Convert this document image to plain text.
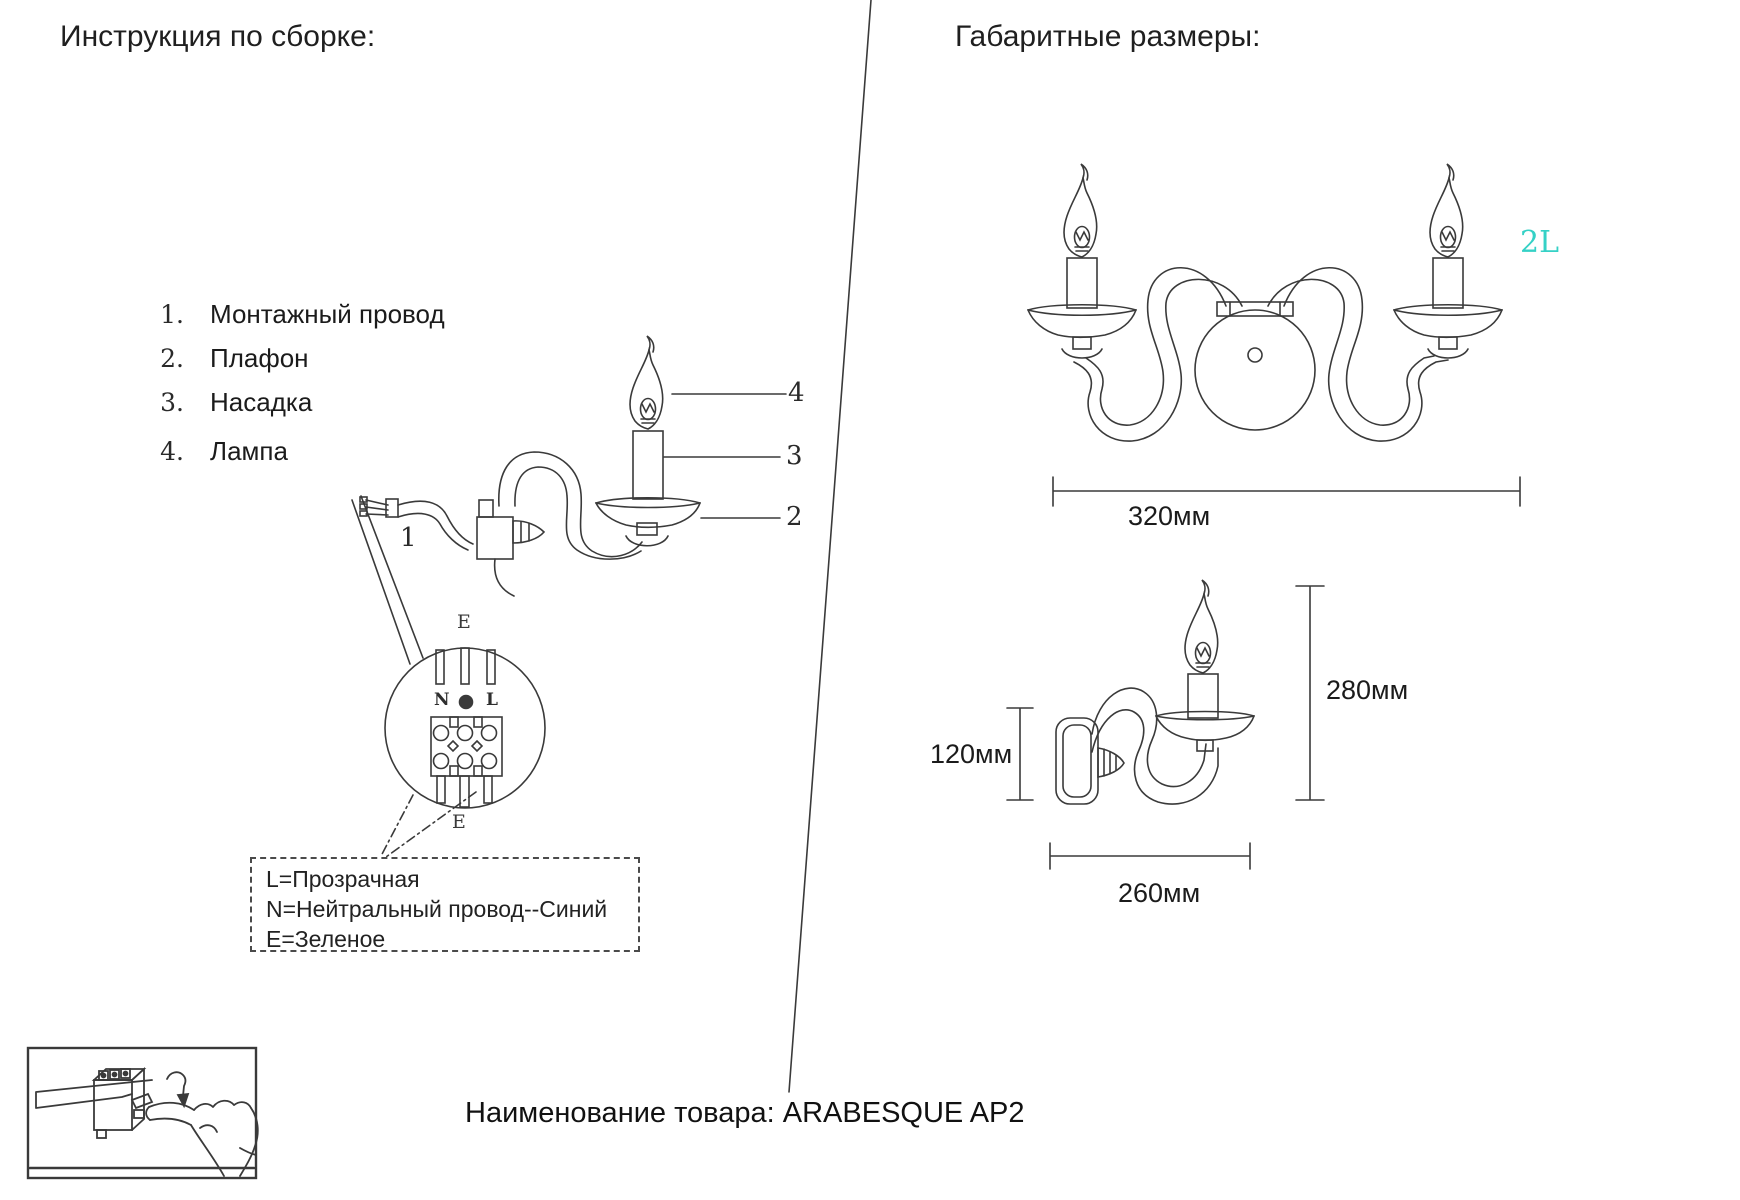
Инструкция по сборке:	Габаритные размеры:
1. Монтажный провод
2. Плафон
3. Насадка
4. Лампа
1
4
3
2
E
N L
E
L=Прозрачная
N=Нейтральный провод--Синий
E=Зеленое
2L
320мм
280мм
120мм
260мм
Наименование товара: ARABESQUE AP2
